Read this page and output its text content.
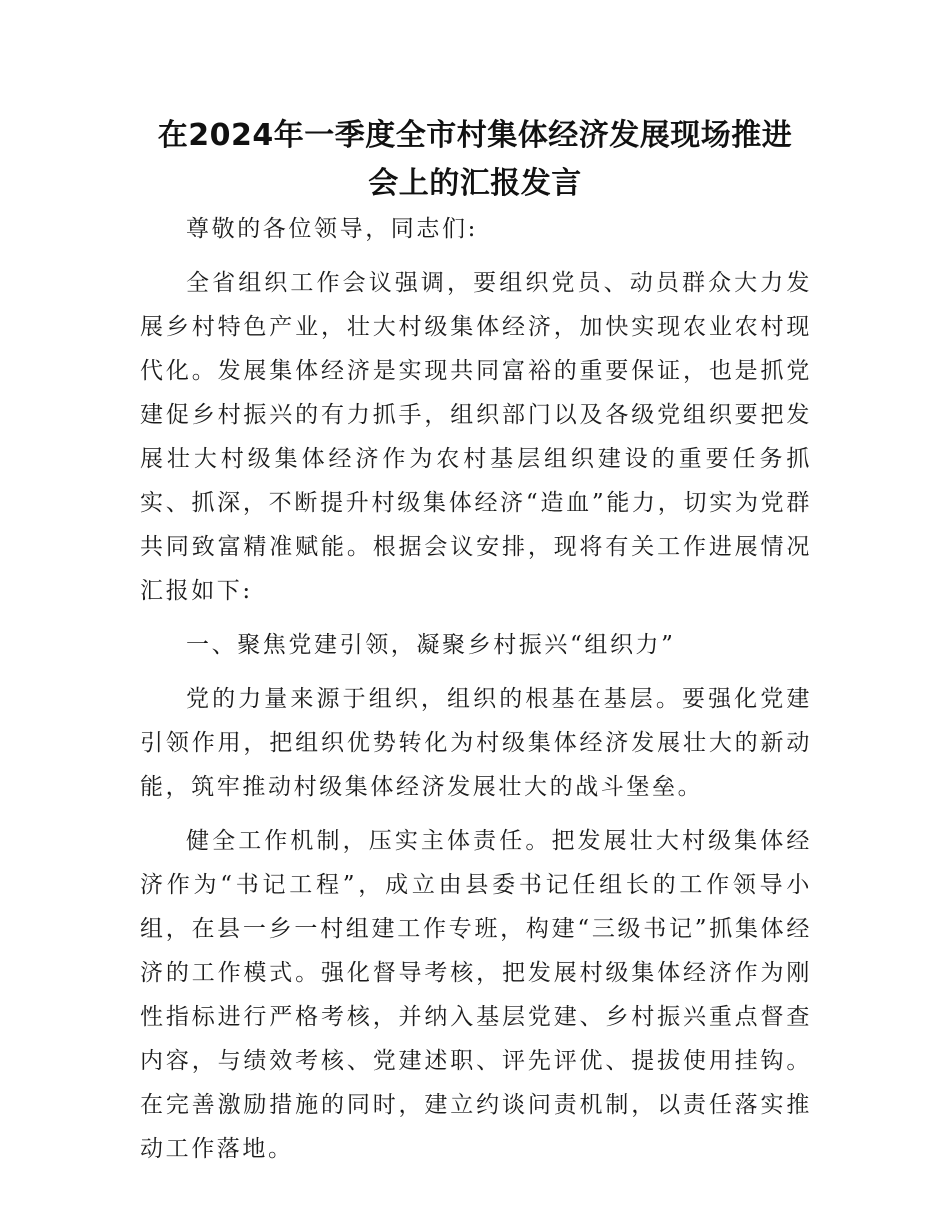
在2024年一季度全市村集体经济发展现场推进
会上的汇报发言

尊敬的各位领导，同志们:

全省组织工作会议强调，要组织党员、动员群众大力发展乡村特色产业，壮大村级集体经济，加快实现农业农村现代化。发展集体经济是实现共同富裕的重要保证，也是抓党建促乡村振兴的有力抓手，组织部门以及各级党组织要把发展壮大村级集体经济作为农村基层组织建设的重要任务抓实、抓深，不断提升村级集体经济“造血”能力，切实为党群共同致富精准赋能。根据会议安排，现将有关工作进展情况汇报如下:

一、聚焦党建引领，凝聚乡村振兴“组织力”

党的力量来源于组织，组织的根基在基层。要强化党建引领作用，把组织优势转化为村级集体经济发展壮大的新动能，筑牢推动村级集体经济发展壮大的战斗堡垒。

健全工作机制，压实主体责任。把发展壮大村级集体经济作为“书记工程”，成立由县委书记任组长的工作领导小组，在县一乡一村组建工作专班，构建“三级书记”抓集体经济的工作模式。强化督导考核，把发展村级集体经济作为刚性指标进行严格考核，并纳入基层党建、乡村振兴重点督查内容，与绩效考核、党建述职、评先评优、提拔使用挂钩。在完善激励措施的同时，建立约谈问责机制，以责任落实推动工作落地。
